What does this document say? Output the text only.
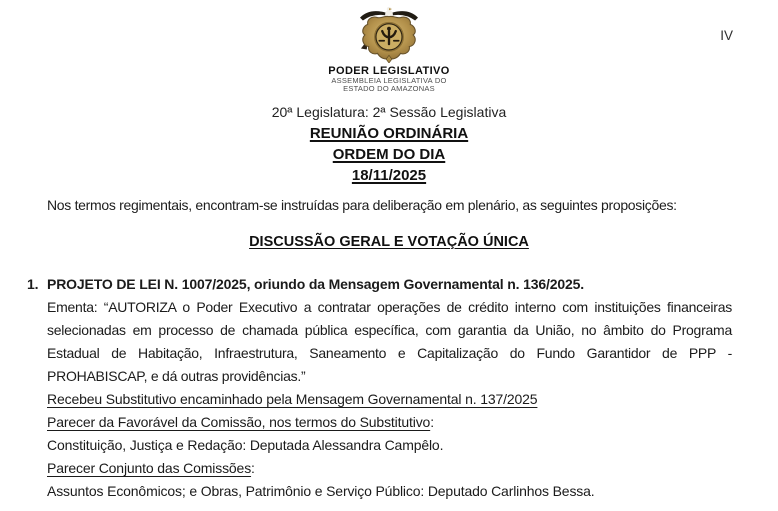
IV
PODER LEGISLATIVO
ASSEMBLEIA LEGISLATIVA DO
ESTADO DO AMAZONAS
20ª Legislatura: 2ª Sessão Legislativa
REUNIÃO ORDINÁRIA
ORDEM DO DIA
18/11/2025

Nos termos regimentais, encontram-se instruídas para deliberação em plenário, as seguintes proposições:

DISCUSSÃO GERAL E VOTAÇÃO ÚNICA
1. PROJETO DE LEI N. 1007/2025, oriundo da Mensagem Governamental n. 136/2025.

Ementa: “AUTORIZA o Poder Executivo a contratar operações de crédito interno com instituições financeiras selecionadas em processo de chamada pública específica, com garantia da União, no âmbito do Programa Estadual de Habitação, Infraestrutura, Saneamento e Capitalização do Fundo Garantidor de PPP - PROHABISCAP, e dá outras providências.”

Recebeu Substitutivo encaminhado pela Mensagem Governamental n. 137/2025
Parecer da Favorável da Comissão, nos termos do Substitutivo:
Constituição, Justiça e Redação: Deputada Alessandra Campêlo.
Parecer Conjunto das Comissões:
Assuntos Econômicos; e Obras, Patrimônio e Serviço Público: Deputado Carlinhos Bessa.
